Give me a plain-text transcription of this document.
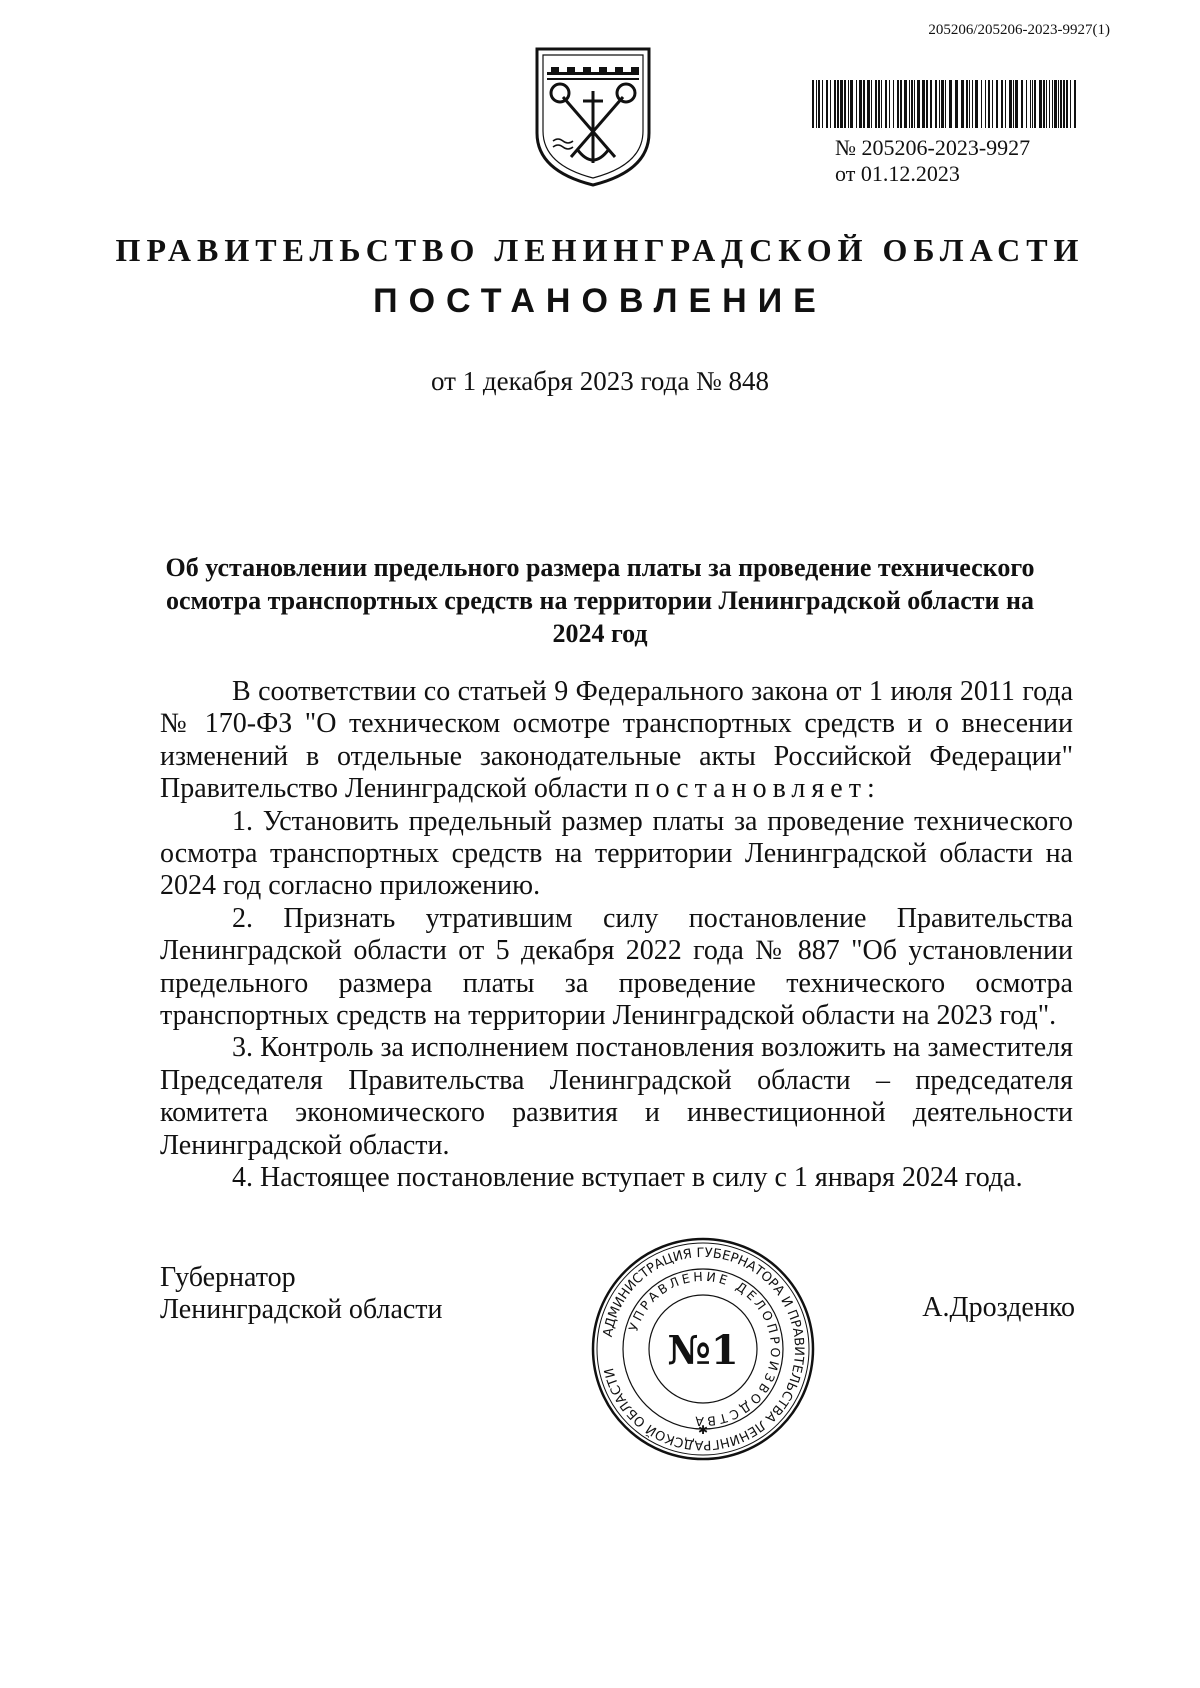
205206/205206-2023-9927(1)
№ 205206-2023-9927
от 01.12.2023
ПРАВИТЕЛЬСТВО ЛЕНИНГРАДСКОЙ ОБЛАСТИ
ПОСТАНОВЛЕНИЕ
от 1 декабря 2023 года № 848
Об установлении предельного размера платы за проведение технического осмотра транспортных средств на территории Ленинградской области на 2024 год

В соответствии со статьей 9 Федерального закона от 1 июля 2011 года № 170-ФЗ "О техническом осмотре транспортных средств и о внесении изменений в отдельные законодательные акты Российской Федерации" Правительство Ленинградской области постановляет:

1. Установить предельный размер платы за проведение технического осмотра транспортных средств на территории Ленинградской области на 2024 год согласно приложению.

2. Признать утратившим силу постановление Правительства Ленинградской области от 5 декабря 2022 года № 887 "Об установлении предельного размера платы за проведение технического осмотра транспортных средств на территории Ленинградской области на 2023 год".

3. Контроль за исполнением постановления возложить на заместителя Председателя Правительства Ленинградской области – председателя комитета экономического развития и инвестиционной деятельности Ленинградской области.

4. Настоящее постановление вступает в силу с 1 января 2024 года.

Губернатор
Ленинградской области	А.Дрозденко
АДМИНИСТРАЦИЯ ГУБЕРНАТОРА И ПРАВИТЕЛЬСТВА ЛЕНИНГРАДСКОЙ ОБЛАСТИ
УПРАВЛЕНИЕ ДЕЛОПРОИЗВОДСТВА
№1
✱
